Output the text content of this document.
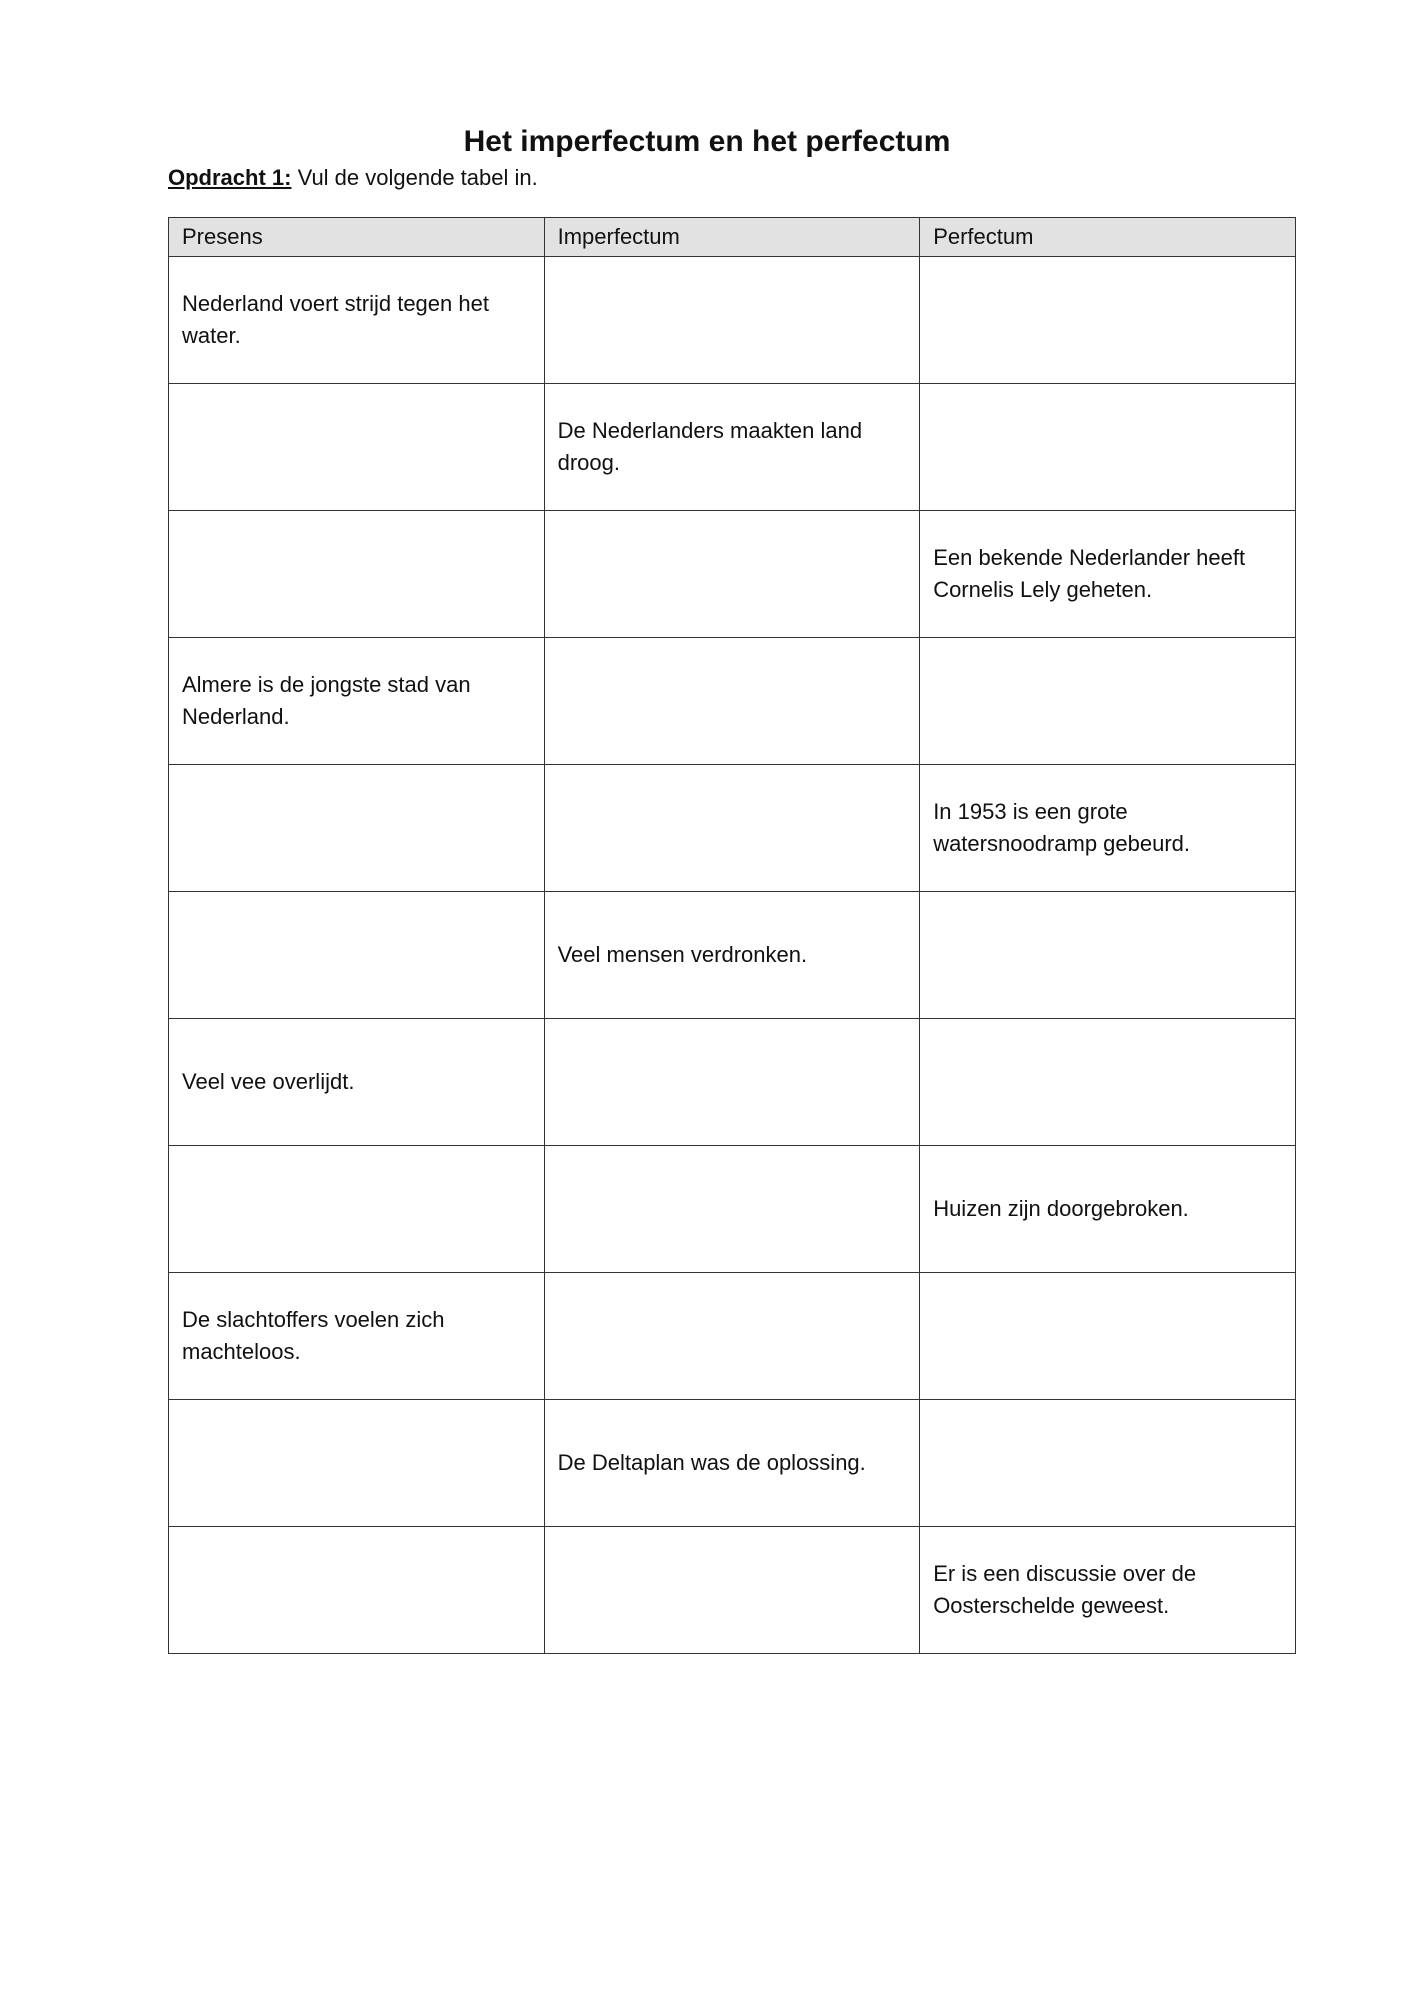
Het imperfectum en het perfectum
Opdracht 1: Vul de volgende tabel in.
Presens	Imperfectum	Perfectum
Nederland voert strijd tegen het water.		
	De Nederlanders maakten land droog.	
		Een bekende Nederlander heeft Cornelis Lely geheten.
Almere is de jongste stad van Nederland.		
		In 1953 is een grote watersnoodramp gebeurd.
	Veel mensen verdronken.	
Veel vee overlijdt.		
		Huizen zijn doorgebroken.
De slachtoffers voelen zich machteloos.		
	De Deltaplan was de oplossing.	
		Er is een discussie over de Oosterschelde geweest.
